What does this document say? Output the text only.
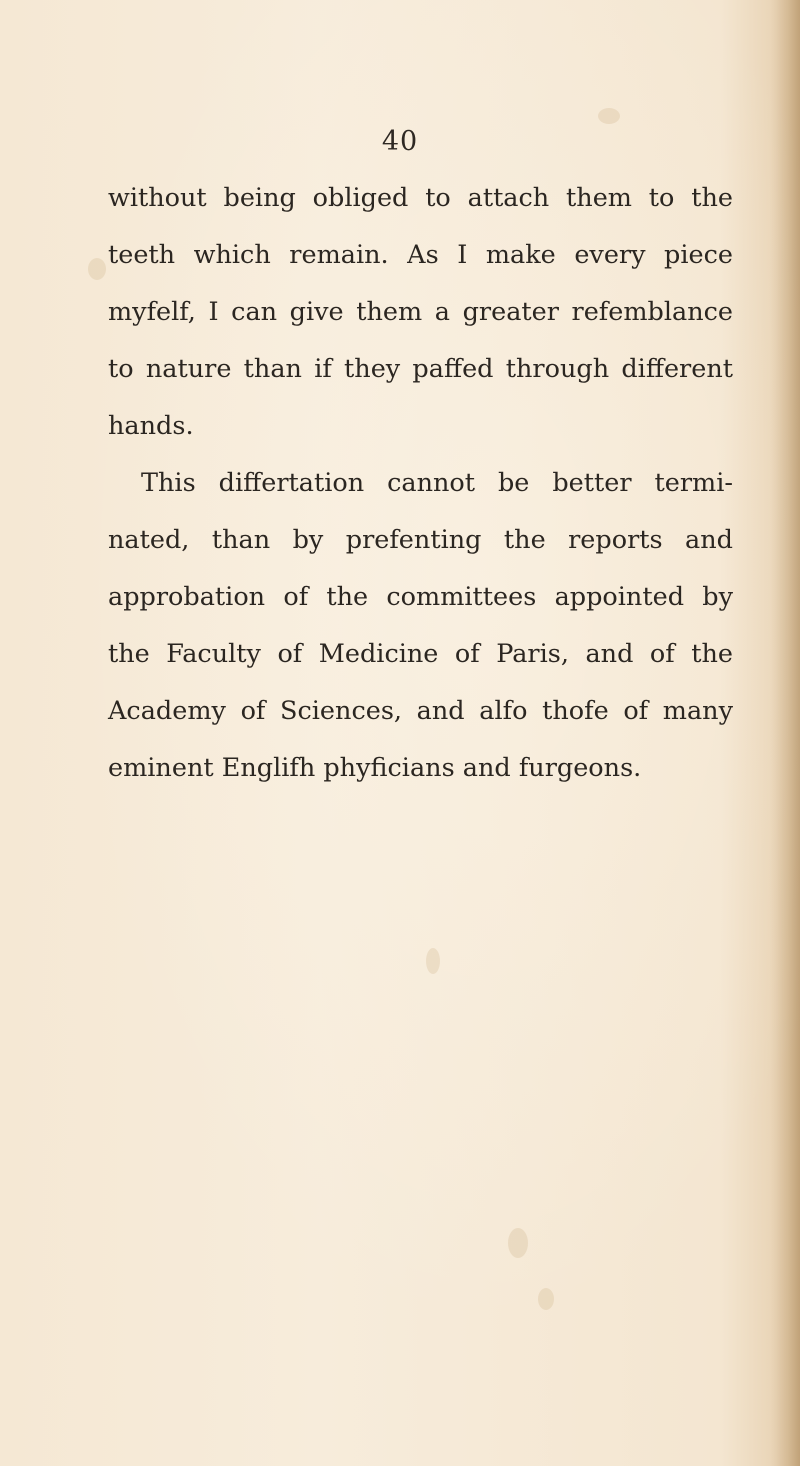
40
without being obliged to attach them to the
teeth which remain. As I make every piece
myfelf, I can give them a greater refemblance
to nature than if they paffed through different
hands.
This differtation cannot be better termi-
nated, than by prefenting the reports and
approbation of the committees appointed by
the Faculty of Medicine of Paris, and of the
Academy of Sciences, and alfo thofe of many
eminent Englifh phyficians and furgeons.
